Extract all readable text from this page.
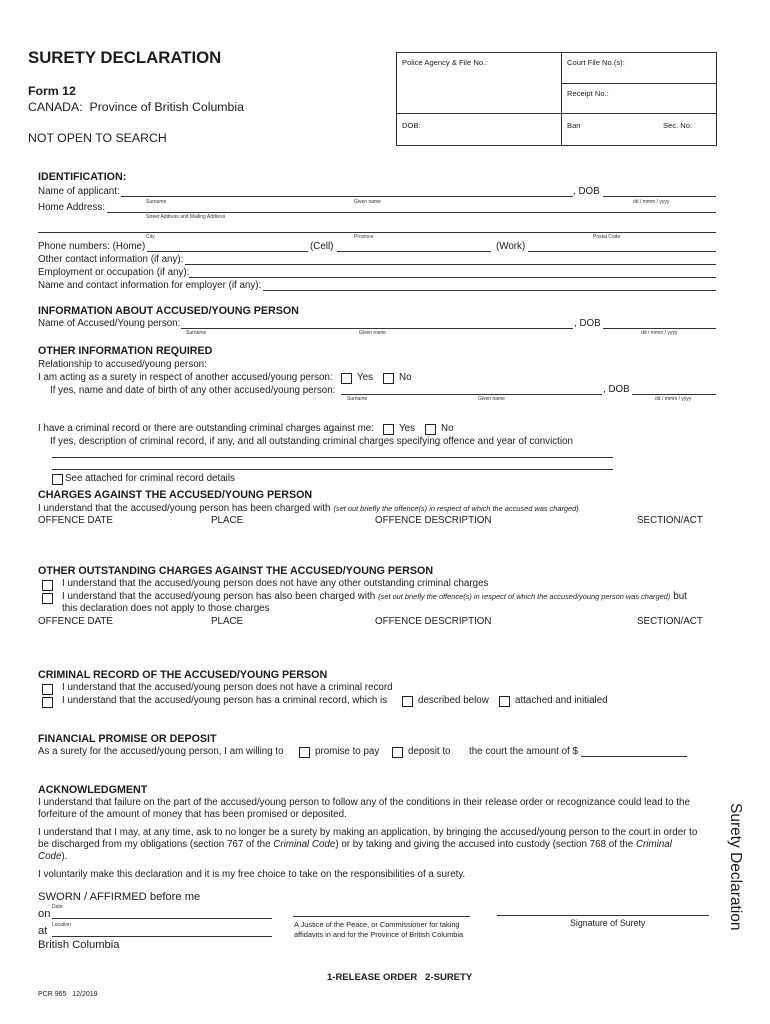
SURETY DECLARATION
Form 12
CANADA:  Province of British Columbia
NOT OPEN TO SEARCH
Police Agency & File No.:	Court File No.(s):
Receipt No.:
DOB:	Ban	Sec. No.
IDENTIFICATION:
Name of applicant:	, DOB
Surname	Given name	dd / mmm / yyyy
Home Address:
Street Address and Mailing Address
City	Province	Postal Code
Phone numbers: (Home)	(Cell)	(Work)
Other contact information (if any):
Employment or occupation (if any):
Name and contact information for employer (if any):
INFORMATION ABOUT ACCUSED/YOUNG PERSON
Name of Accused/Young person:	, DOB
Surname	Given name	dd / mmm / yyyy
OTHER INFORMATION REQUIRED
Relationship to accused/young person:
I am acting as a surety in respect of another accused/young person: Yes	No
If yes, name and date of birth of any other accused/young person:	, DOB
Surname	Given name	dd / mmm / yyyy
I have a criminal record or there are outstanding criminal charges against me:	Yes	No
If yes, description of criminal record, if any, and all outstanding criminal charges specifying offence and year of conviction
See attached for criminal record details
CHARGES AGAINST THE ACCUSED/YOUNG PERSON
I understand that the accused/young person has been charged with (set out briefly the offence(s) in respect of which the accused was charged)
OFFENCE DATE	PLACE	OFFENCE DESCRIPTION	SECTION/ACT
OTHER OUTSTANDING CHARGES AGAINST THE ACCUSED/YOUNG PERSON
I understand that the accused/young person does not have any other outstanding criminal charges
I understand that the accused/young person has also been charged with (set out briefly the offence(s) in respect of which the accused/young person was charged) but
this declaration does not apply to those charges
OFFENCE DATE	PLACE	OFFENCE DESCRIPTION	SECTION/ACT
CRIMINAL RECORD OF THE ACCUSED/YOUNG PERSON
I understand that the accused/young person does not have a criminal record
I understand that the accused/young person has a criminal record, which is	described below	attached and initialed
FINANCIAL PROMISE OR DEPOSIT
As a surety for the accused/young person, I am willing to	promise to pay	deposit to the court the amount of $
ACKNOWLEDGMENT
I understand that failure on the part of the accused/young person to follow any of the conditions in their release order or recognizance could lead to the
forfeiture of the amount of money that has been promised or deposited.
I understand that I may, at any time, ask to no longer be a surety by making an application, by bringing the accused/young person to the court in order to
be discharged from my obligations (section 767 of the Criminal Code) or by taking and giving the accused into custody (section 768 of the Criminal
Code).
I voluntarily make this declaration and it is my free choice to take on the responsibilities of a surety.
SWORN / AFFIRMED before me
Date
on
Location
at
British Columbia
A Justice of the Peace, or Commissioner for taking
affidavits in and for the Province of British Columbia
Signature of Surety	Surety Declaration
1-RELEASE ORDER   2-SURETY
PCR 965   12/2019
